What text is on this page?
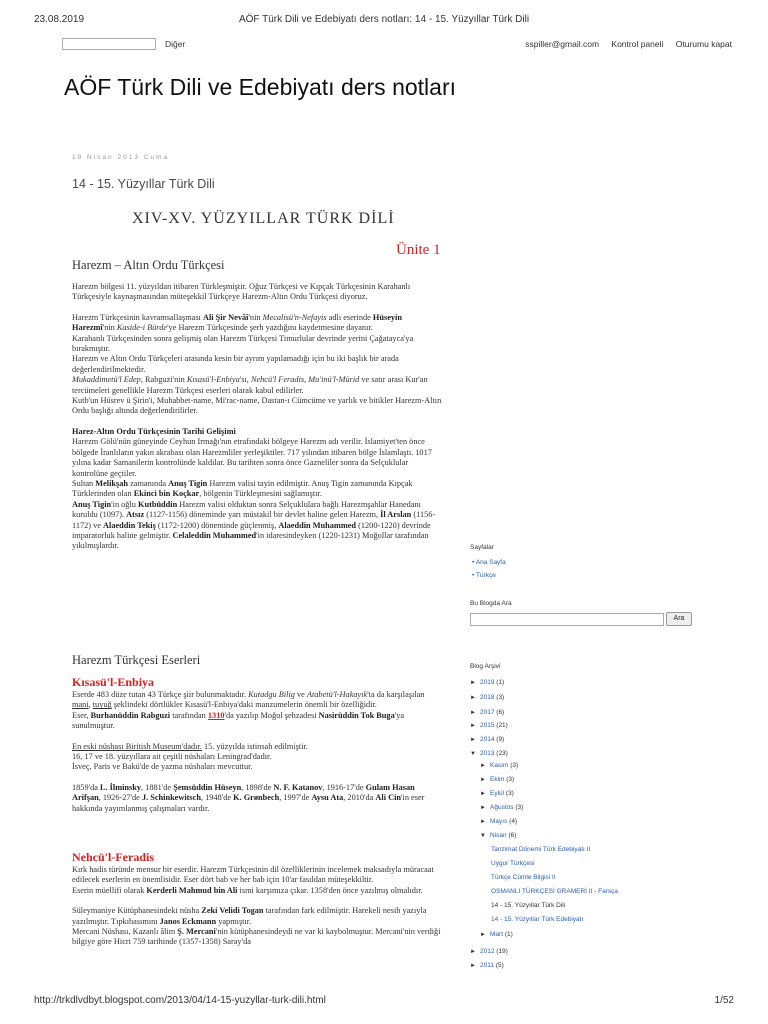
23.08.2019	AÖF Türk Dili ve Edebiyatı ders notları: 14 - 15. Yüzyıllar Türk Dili
Diğer	sspiller@gmail.com Kontrol paneli Oturumu kapat
AÖF Türk Dili ve Edebiyatı ders notları
19 Nisan 2013 Cuma
14 - 15. Yüzyıllar Türk Dili
XIV-XV. YÜZYILLAR TÜRK DİLİ
Ünite 1
Harezm – Altın Ordu Türkçesi

Harezm bölgesi 11. yüzyıldan itibaren Türkleşmiştir. Oğuz Türkçesi ve Kıpçak Türkçesinin Karahanlı Türkçesiyle kaynaşmasından müteşekkil Türkçeye Harezm-Altın Ordu Türkçesi diyoruz.

Harezm Türkçesinin kavramsallaşması Ali Şir Nevâî'nin Mecalisü'n-Nefayis adlı eserinde Hüseyin Harezmî'nin Kaside-i Bürde'ye Harezm Türkçesinde şerh yazdığını kaydetmesine dayanır.

Karahanlı Türkçesinden sonra gelişmiş olan Harezm Türkçesi Timurlular devrinde yerini Çağatayca'ya bırakmıştır.

Harezm ve Altın Ordu Türkçeleri arasında kesin bir ayrım yapılamadığı için bu iki başlık bir arada değerlendirilmektedir.

Mukaddimetü'l Edep, Rabguzi'nin Kısasü'l-Enbiya'sı, Nehcü'l Feradis, Mu'inü'l-Mürid ve satır arası Kur'an tercümeleri genellikle Harezm Türkçesi eserleri olarak kabul edilirler.

Kutb'un Hüsrev ü Şirin'i, Muhabbet-name, Mi'rac-name, Dastan-ı Cümcüme ve yarlık ve bitikler Harezm-Altın Ordu başlığı altında değerlendirilirler.

Harez-Altın Ordu Türkçesinin Tarihi Gelişimi

Harezm Gölü'nün güneyinde Ceyhun Irmağı'nın etrafındaki bölgeye Harezm adı verilir. İslamiyet'ten önce bölgede İranlıların yakın akrabası olan Harezmliler yerleşiktiler. 717 yılından itibaren bölge İslamlaştı. 1017 yılına kadar Samanilerin kontrolünde kaldılar. Bu tarihten sonra önce Gazneliler sonra da Selçuklular kontrolüne geçtiler.

Sultan Melikşah zamanında Anuş Tigin Harezm valisi tayin edilmiştir. Anuş Tigin zamanında Kıpçak Türklerinden olan Ekinci bin Koçkar, bölgenin Türkleşmesini sağlamıştır.

Anuş Tigin'in oğlu Kutbüddin Harezm valisi olduktan sonra Selçuklulara bağlı Harezmşahlar Hanedanı kuruldu (1097). Atsız (1127-1156) döneminde yarı müstakil bir devlet haline gelen Harezm, İl Arslan (1156-1172) ve Alaeddin Tekiş (1172-1200) döneminde güçlenmiş, Alaeddin Muhammed (1200-1220) devrinde imparatorluk haline gelmiştir. Celaleddin Muhammed'in idaresindeyken (1220-1231) Moğollar tarafından yıkılmışlardır.

Harezm Türkçesi Eserleri
Kısasü'l-Enbiya

Eserde 483 düze tutan 43 Türkçe şiir bulunmaktadır. Kutadgu Bilig ve Atabetü'l-Hakayık'ta da karşılaşılan mani, tuyuğ şeklindeki dörtlükler Kısasü'l-Enbiya'daki manzumelerin önemli bir özelliğidir.

Eser, Burhanüddin Rabguzi tarafından 1310'da yazılıp Moğol şehzadesi Nasirüddin Tok Buga'ya sunulmuştur.

En eski nüshası Biritish Museum'dadır. 15. yüzyılda istinsah edilmiştir.

16, 17 ve 18. yüzyıllara ait çeşitli nüshaları Leningrad'dadır.

İsveç, Paris ve Bakü'de de yazma nüshaları mevcuttur.

1859'da L. İlminsky, 1881'de Şemsüddin Hüseyn, 1898'de N. F. Katanov, 1916-17'de Gulam Hasan Arifşan, 1926-27'de J. Schinkewitsch, 1948'de K. Grønbech, 1997'de Aysu Ata, 2010'da Ali Cin'in eser hakkında yayımlanmış çalışmaları vardır.

Nehcü'l-Feradis

Kırk hadis türünde mensur bir eserdir. Harezm Türkçesinin dil özelliklerinin incelemek maksadıyla müracaat edilecek eserlerin en önemlisidir. Eser dört bab ve her bab için 10'ar fasıldan müteşekkiltir.

Eserin müellifi olarak Kerderli Mahmud bin Ali ismi karşımıza çıkar. 1358'den önce yazılmış olmalıdır.

Süleymaniye Kütüphanesindeki nüsha Zeki Velidi Togan tarafından fark edilmiştir. Harekeli nesih yazıyla yazılmıştır. Tıpkıbasımını Janos Eckmann yapmıştır.

Mercani Nüshası, Kazanlı âlim Ş. Mercani'nin kütüphanesindeydi ne var ki kaybolmuştur. Mercani'nin verdiği bilgiye göre Hicri 759 tarihinde (1357-1358) Saray'da

Sayfalar
• Ana Sayfa
• Türkçe
Bu Blogda Ara
Ara
Blog Arşivi
► 2019 (1)
► 2018 (3)
► 2017 (6)
► 2015 (21)
► 2014 (9)
▼ 2013 (23)
► Kasım (3)
► Ekim (3)
► Eylül (3)
► Ağustos (3)
► Mayıs (4)
▼ Nisan (6)
Tanzimat Dönemi Türk Edebiyatı II
Uygur Türkçesi
Türkçe Cümle Bilgisi II
OSMANLI TÜRKÇESİ GRAMERİ II - Farsça
14 - 15. Yüzyıllar Türk Dili
14 - 15. Yüzyıllar Türk Edebiyatı
► Mart (1)
► 2012 (19)
► 2011 (5)
http://trkdlvdbyt.blogspot.com/2013/04/14-15-yuzyllar-turk-dili.html	1/52
